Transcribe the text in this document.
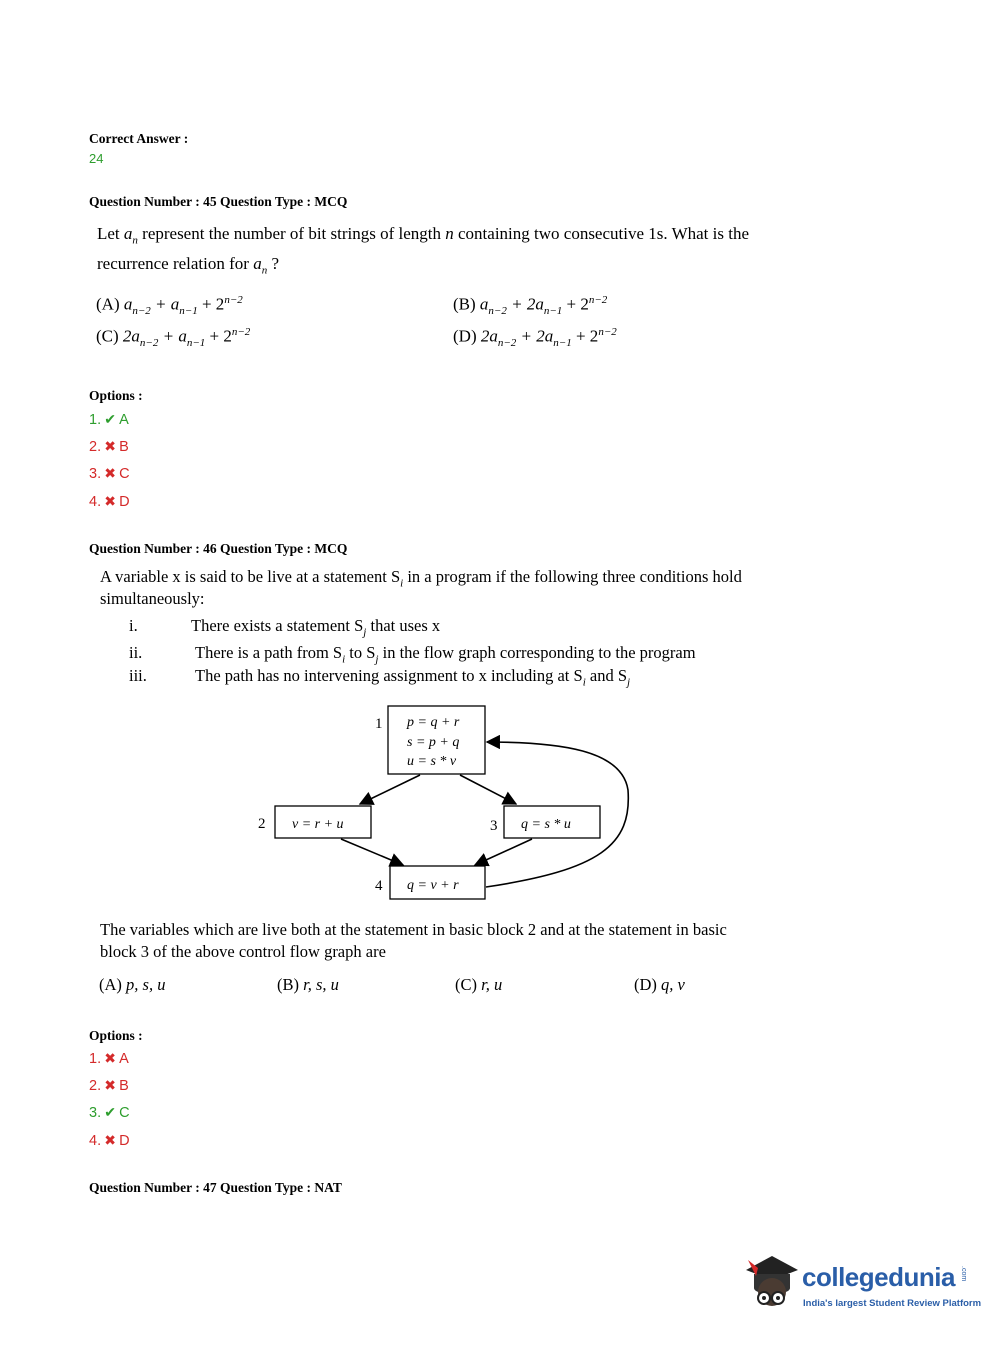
Correct Answer :
24
Question Number : 45 Question Type : MCQ
Let $a_n$ represent the number of bit strings of length n containing two consecutive 1s. What is the
recurrence relation for $a_n$ ?
(A) $a_{n-2} + a_{n-1} + 2^{n-2}$	(B) $a_{n-2} + 2a_{n-1} + 2^{n-2}$
(C) $2a_{n-2} + a_{n-1} + 2^{n-2}$	(D) $2a_{n-2} + 2a_{n-1} + 2^{n-2}$
Options :
1. ✔ A
2. ✖ B
3. ✖ C
4. ✖ D
Question Number : 46 Question Type : MCQ
A variable x is said to be live at a statement $S_i$ in a program if the following three conditions hold
simultaneously:
i.	There exists a statement $S_j$ that uses x
ii.	There is a path from $S_i$ to $S_j$ in the flow graph corresponding to the program
iii.	The path has no intervening assignment to x including at $S_i$ and $S_j$
1 p = q + r
s = p + q
u = s * v
2 v = r + u	3 q = s * u
4 q = v + r
The variables which are live both at the statement in basic block 2 and at the statement in basic
block 3 of the above control flow graph are
(A) p, s, u	(B) r, s, u	(C) r, u	(D) q, v
Options :
1. ✖ A
2. ✖ B
3. ✔ C
4. ✖ D
Question Number : 47 Question Type : NAT
collegedunia .com
India's largest Student Review Platform
